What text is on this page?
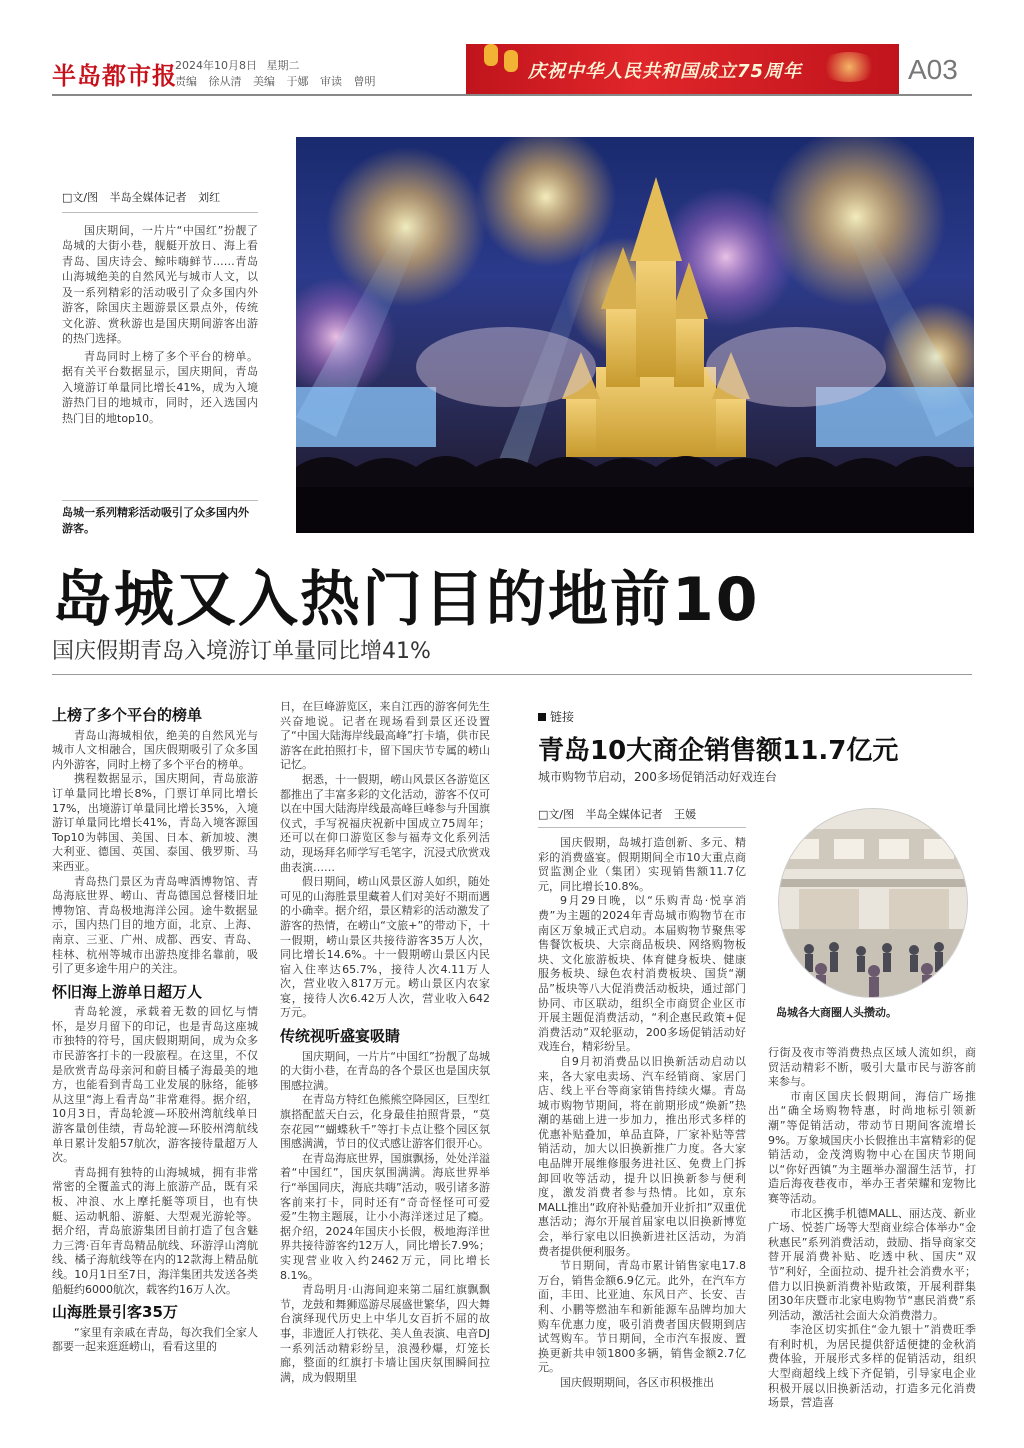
半岛都市报
2024年10月8日 星期二
责编 徐从清 美编 于娜 审读 曾明	庆祝中华人民共和国成立75周年	A03
□文/图 半岛全媒体记者 刘红

国庆期间，一片片“中国红”扮靓了岛城的大街小巷，舰艇开放日、海上看青岛、国庆诗会、鲸咔嗨鲜节……青岛山海城绝美的自然风光与城市人文，以及一系列精彩的活动吸引了众多国内外游客，除国庆主题游景区景点外，传统文化游、赏秋游也是国庆期间游客出游的热门选择。

青岛同时上榜了多个平台的榜单。据有关平台数据显示，国庆期间，青岛入境游订单量同比增长41%，成为入境游热门目的地城市，同时，还入选国内热门目的地top10。

岛城一系列精彩活动吸引了众多国内外游客。
岛城又入热门目的地前10
国庆假期青岛入境游订单量同比增41%
上榜了多个平台的榜单

青岛山海城相依，绝美的自然风光与城市人文相融合，国庆假期吸引了众多国内外游客，同时上榜了多个平台的榜单。

携程数据显示，国庆期间，青岛旅游订单量同比增长8%，门票订单同比增长17%，出境游订单量同比增长35%，入境游订单量同比增长41%，青岛入境客源国Top10为韩国、美国、日本、新加坡、澳大利亚、德国、英国、泰国、俄罗斯、马来西亚。

青岛热门景区为青岛啤酒博物馆、青岛海底世界、崂山、青岛德国总督楼旧址博物馆、青岛极地海洋公园。途牛数据显示，国内热门目的地方面，北京、上海、南京、三亚、广州、成都、西安、青岛、桂林、杭州等城市出游热度排名靠前，吸引了更多途牛用户的关注。

怀旧海上游单日超万人

青岛轮渡，承载着无数的回忆与情怀，是岁月留下的印记，也是青岛这座城市独特的符号，国庆假期期间，成为众多市民游客打卡的一段旅程。在这里，不仅是欣赏青岛母亲河和蔚目橘子海最美的地方，也能看到青岛工业发展的脉络，能够从这里“海上看青岛”非常难得。据介绍，10月3日，青岛轮渡—环胶州湾航线单日游客量创佳绩，青岛轮渡—环胶州湾航线单日累计发船57航次，游客接待量超万人次。

青岛拥有独特的山海城城，拥有非常常密的全覆盖式的海上旅游产品，既有采板、冲浪、水上摩托艇等项目，也有快艇、运动帆船、游艇、大型观光游轮等。据介绍，青岛旅游集团目前打造了包含魅力三湾·百年青岛精品航线、环游浮山湾航线、橘子海航线等在内的12款海上精品航线。10月1日至7日，海洋集团共发送各类船艇约6000航次，载客约16万人次。

山海胜景引客35万

“家里有亲戚在青岛，每次我们全家人都要一起来逛逛崂山，看看这里的

日，在巨峰游览区，来自江西的游客何先生兴奋地说。记者在现场看到景区还设置了“中国大陆海岸线最高峰”打卡墙，供市民游客在此拍照打卡，留下国庆节专属的崂山记忆。

据悉，十一假期，崂山风景区各游览区都推出了丰富多彩的文化活动，游客不仅可以在中国大陆海岸线最高峰巨峰参与升国旗仪式，手写祝福庆祝新中国成立75周年；还可以在仰口游览区参与福寿文化系列活动，现场拜名师学写毛笔字，沉浸式欣赏戏曲表演……

假日期间，崂山风景区游人如织，随处可见的山海胜景里藏着人们对美好不期而遇的小确幸。据介绍，景区精彩的活动激发了游客的热情，在崂山“文旅+”的带动下，十一假期，崂山景区共接待游客35万人次，同比增长14.6%。十一假期崂山景区内民宿入住率达65.7%，接待人次4.11万人次，营业收入817万元。崂山景区内农家宴，接待人次6.42万人次，营业收入642万元。

传统视听盛宴吸睛

国庆期间，一片片“中国红”扮靓了岛城的大街小巷，在青岛的各个景区也是国庆氛围感拉满。

在青岛方特红色熊熊空降园区，巨型红旗搭配蓝天白云，化身最佳拍照背景，“莫奈花园”“蝴蝶秋千”等打卡点让整个园区氛围感满满，节日的仪式感让游客们很开心。

在青岛海底世界，国旗飘扬，处处洋溢着“中国红”，国庆氛围满满。海底世界举行“举国同庆，海底共嗨”活动，吸引诸多游客前来打卡，同时还有“奇奇怪怪可可爱爱”生物主题展，让小小海洋迷过足了瘾。据介绍，2024年国庆小长假，极地海洋世界共接待游客约12万人，同比增长7.9%；实现营业收入约2462万元，同比增长8.1%。

青岛明月·山海间迎来第二届红旗飘飘节，龙鼓和舞狮巡游尽展盛世繁华，四大舞台演绎现代历史上中华儿女百折不屈的故事，非遗匠人打铁花、美人鱼表演、电音DJ一系列活动精彩纷呈，浪漫秒爆，灯笼长廊，整面的红旗打卡墙让国庆氛围瞬间拉满，成为假期里

链接
青岛10大商企销售额11.7亿元
城市购物节启动，200多场促销活动好戏连台
□文/图 半岛全媒体记者 王媛
岛城各大商圈人头攒动。

国庆假期，岛城打造创新、多元、精彩的消费盛宴。假期期间全市10大重点商贸监测企业（集团）实现销售额11.7亿元，同比增长10.8%。

9月29日晚，以“乐购青岛·悦享消费”为主题的2024年青岛城市购物节在市南区万象城正式启动。本届购物节聚焦零售餐饮板块、大宗商品板块、网络购物板块、文化旅游板块、体育健身板块、健康服务板块、绿色农村消费板块、国货“潮品”板块等八大促消费活动板块，通过部门协同、市区联动，组织全市商贸企业区市开展主题促消费活动，“利企惠民政策+促消费活动”双轮驱动，200多场促销活动好戏连台，精彩纷呈。

自9月初消费品以旧换新活动启动以来，各大家电卖场、汽车经销商、家居门店、线上平台等商家销售持续火爆。青岛城市购物节期间，将在前期形成“焕新”热潮的基础上进一步加力，推出形式多样的优惠补贴叠加，单品直降，厂家补贴等营销活动，加大以旧换新推广力度。各大家电品牌开展维修服务进社区、免费上门拆卸回收等活动，提升以旧换新参与便利度，激发消费者参与热情。比如，京东MALL推出“政府补贴叠加开业折扣”双重优惠活动；海尔开展首届家电以旧换新博览会，举行家电以旧换新进社区活动，为消费者提供便利服务。

节日期间，青岛市累计销售家电17.8万台，销售金额6.9亿元。此外，在汽车方面，丰田、比亚迪、东风日产、长安、吉利、小鹏等燃油车和新能源车品牌均加大购车优惠力度，吸引消费者国庆假期到店试驾购车。节日期间，全市汽车报废、置换更新共申领1800多辆，销售金额2.7亿元。

国庆假期期间，各区市积极推出

行街及夜市等消费热点区域人流如织，商贸活动精彩不断，吸引大量市民与游客前来参与。

市南区国庆长假期间，海信广场推出“确全场购物特惠，时尚地标引领新潮”等促销活动，带动节日期间客流增长9%。万象城国庆小长假推出丰富精彩的促销活动，金茂湾购物中心在国庆节期间以“你好西镇”为主题举办溜溜生活节，打造后海夜巷夜市，举办王者荣耀和宠物比赛等活动。

市北区携手机德MALL、丽达茂、新业广场、悦荟广场等大型商业综合体举办“金秋惠民”系列消费活动，鼓励、指导商家交替开展消费补贴、吃透中秋、国庆“双节”利好，全面拉动、提升社会消费水平；借力以旧换新消费补贴政策，开展利群集团30年庆暨市北家电购物节“惠民消费”系列活动，激活社会面大众消费潜力。

李沧区切实抓住“金九银十”消费旺季有利时机，为居民提供舒适便捷的金秋消费体验，开展形式多样的促销活动，组织大型商超线上线下齐促销，引导家电企业积极开展以旧换新活动，打造多元化消费场景，营造喜
